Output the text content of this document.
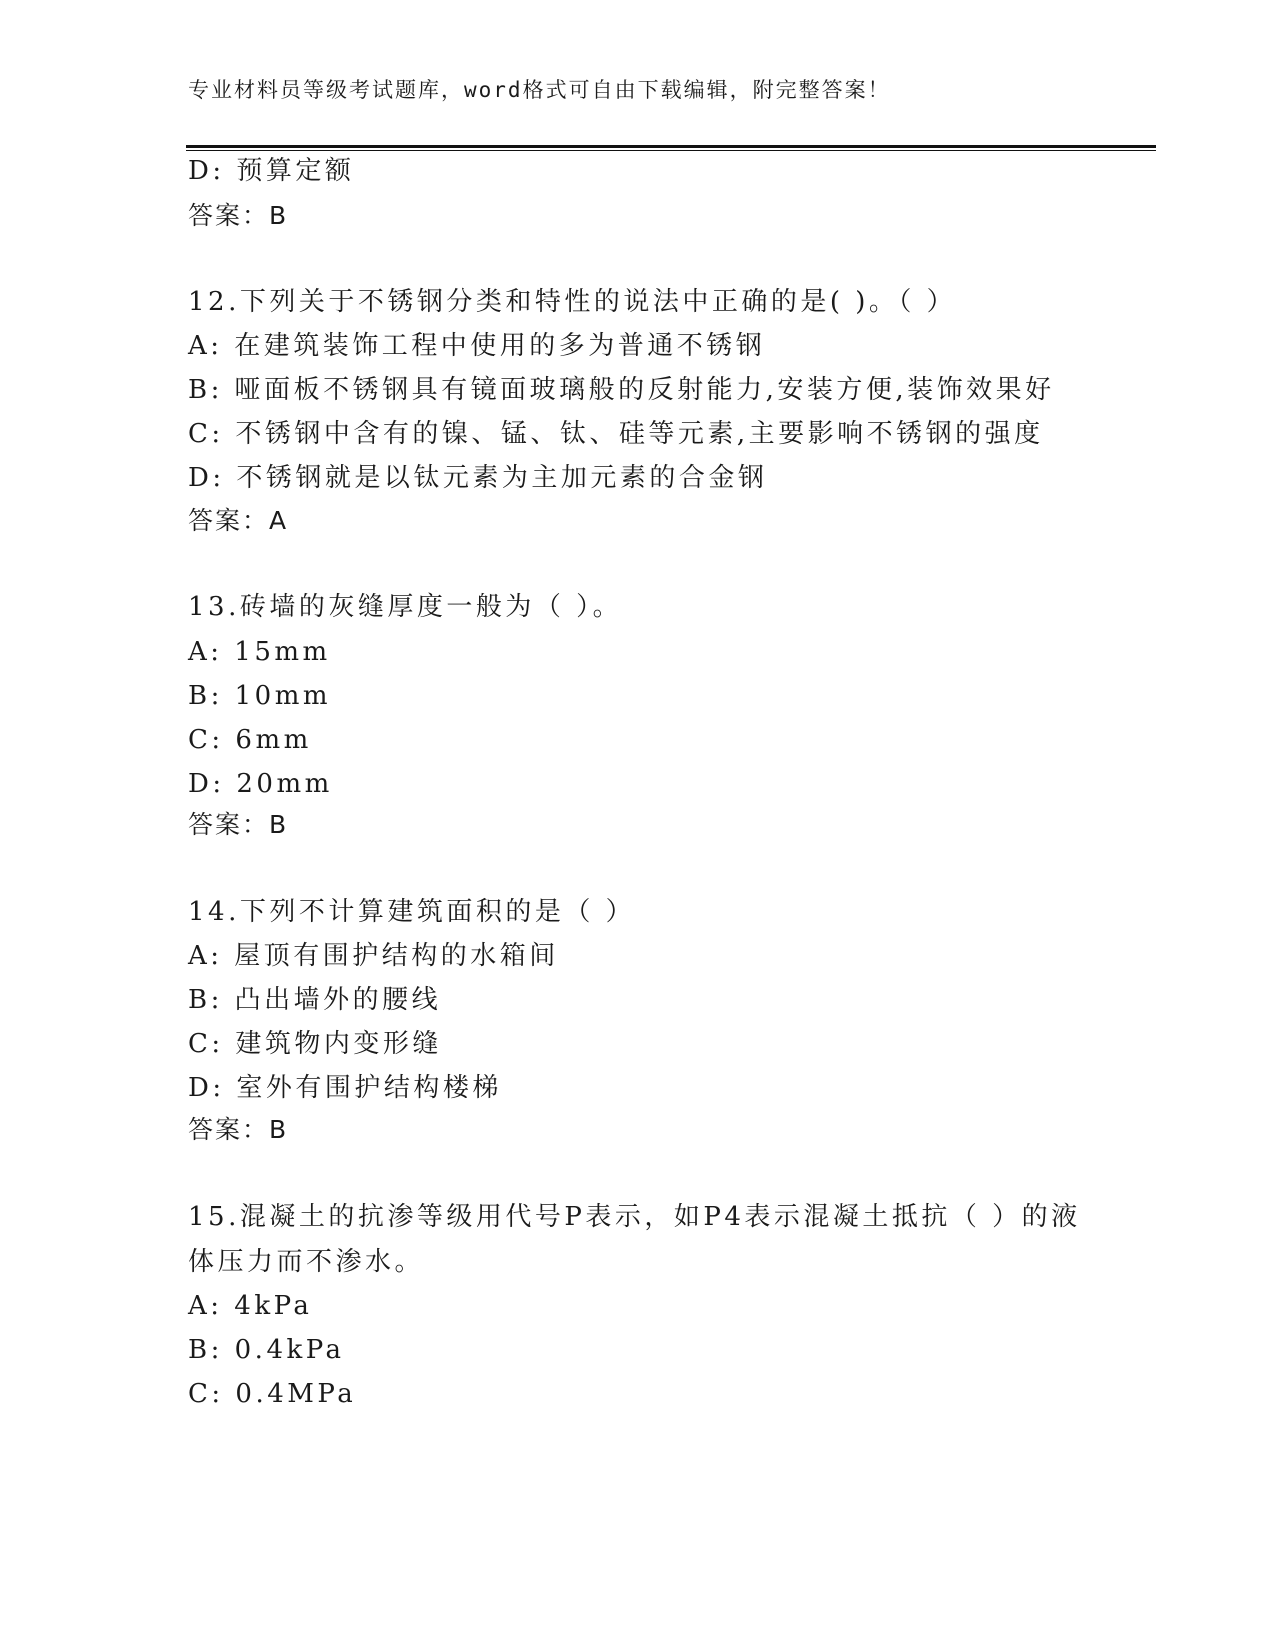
专业材料员等级考试题库，word格式可自由下载编辑，附完整答案！
D: 预算定额
答案：B
12.下列关于不锈钢分类和特性的说法中正确的是( )。（ ）
A: 在建筑装饰工程中使用的多为普通不锈钢
B: 哑面板不锈钢具有镜面玻璃般的反射能力,安装方便,装饰效果好
C: 不锈钢中含有的镍、锰、钛、硅等元素,主要影响不锈钢的强度
D: 不锈钢就是以钛元素为主加元素的合金钢
答案：A
13.砖墙的灰缝厚度一般为（ ）。
A: 15mm
B: 10mm
C: 6mm
D: 20mm
答案：B
14.下列不计算建筑面积的是（ ）
A: 屋顶有围护结构的水箱间
B: 凸出墙外的腰线
C: 建筑物内变形缝
D: 室外有围护结构楼梯
答案：B
15.混凝土的抗渗等级用代号P表示，如P4表示混凝土抵抗（ ）的液
体压力而不渗水。
A: 4kPa
B: 0.4kPa
C: 0.4MPa
